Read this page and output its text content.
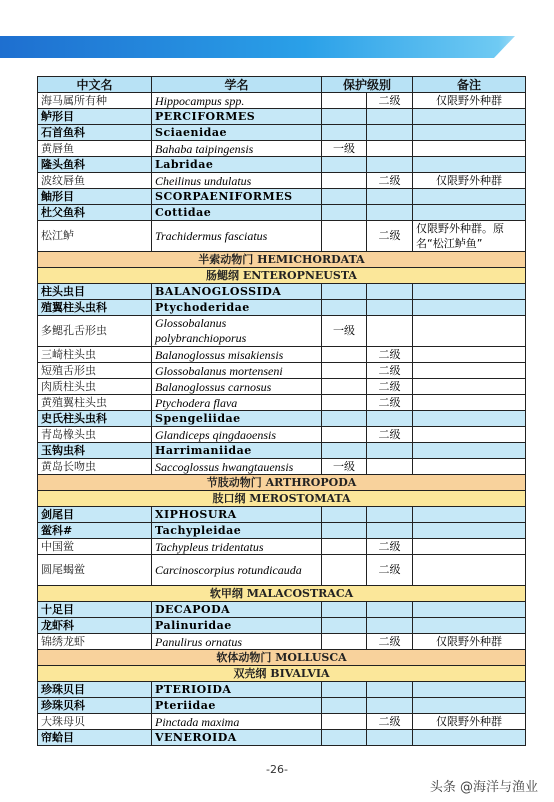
中文名	学名	保护级别		备注
海马属所有种	Hippocampus spp.		二级	仅限野外种群
鲈形目	PERCIFORMES			
石首鱼科	Sciaenidae			
黄唇鱼	Bahaba taipingensis	一级		
隆头鱼科	Labridae			
波纹唇鱼	Cheilinus undulatus		二级	仅限野外种群
鲉形目	SCORPAENIFORMES			
杜父鱼科	Cottidae			
松江鲈	Trachidermus fasciatus		二级	仅限野外种群。原名“松江鲈鱼”
半索动物门 HEMICHORDATA				
肠鳃纲 ENTEROPNEUSTA				
柱头虫目	BALANOGLOSSIDA			
殖翼柱头虫科	Ptychoderidae			
多鳃孔舌形虫	Glossobalanus polybranchioporus	一级		
三崎柱头虫	Balanoglossus misakiensis		二级	
短殖舌形虫	Glossobalanus mortenseni		二级	
肉质柱头虫	Balanoglossus carnosus		二级	
黄殖翼柱头虫	Ptychodera flava		二级	
史氏柱头虫科	Spengeliidae			
青岛橡头虫	Glandiceps qingdaoensis		二级	
玉钩虫科	Harrimaniidae			
黄岛长吻虫	Saccoglossus hwangtauensis	一级		
节肢动物门 ARTHROPODA				
肢口纲 MEROSTOMATA				
剑尾目	XIPHOSURA			
鲎科#	Tachypleidae			
中国鲎	Tachypleus tridentatus		二级	
圆尾蝎鲎	Carcinoscorpius rotundicauda		二级	
软甲纲 MALACOSTRACA				
十足目	DECAPODA			
龙虾科	Palinuridae			
锦绣龙虾	Panulirus ornatus		二级	仅限野外种群
软体动物门 MOLLUSCA				
双壳纲 BIVALVIA				
珍珠贝目	PTERIOIDA			
珍珠贝科	Pteriidae			
大珠母贝	Pinctada maxima		二级	仅限野外种群
帘蛤目	VENEROIDA			
-26-
头条 @海洋与渔业
